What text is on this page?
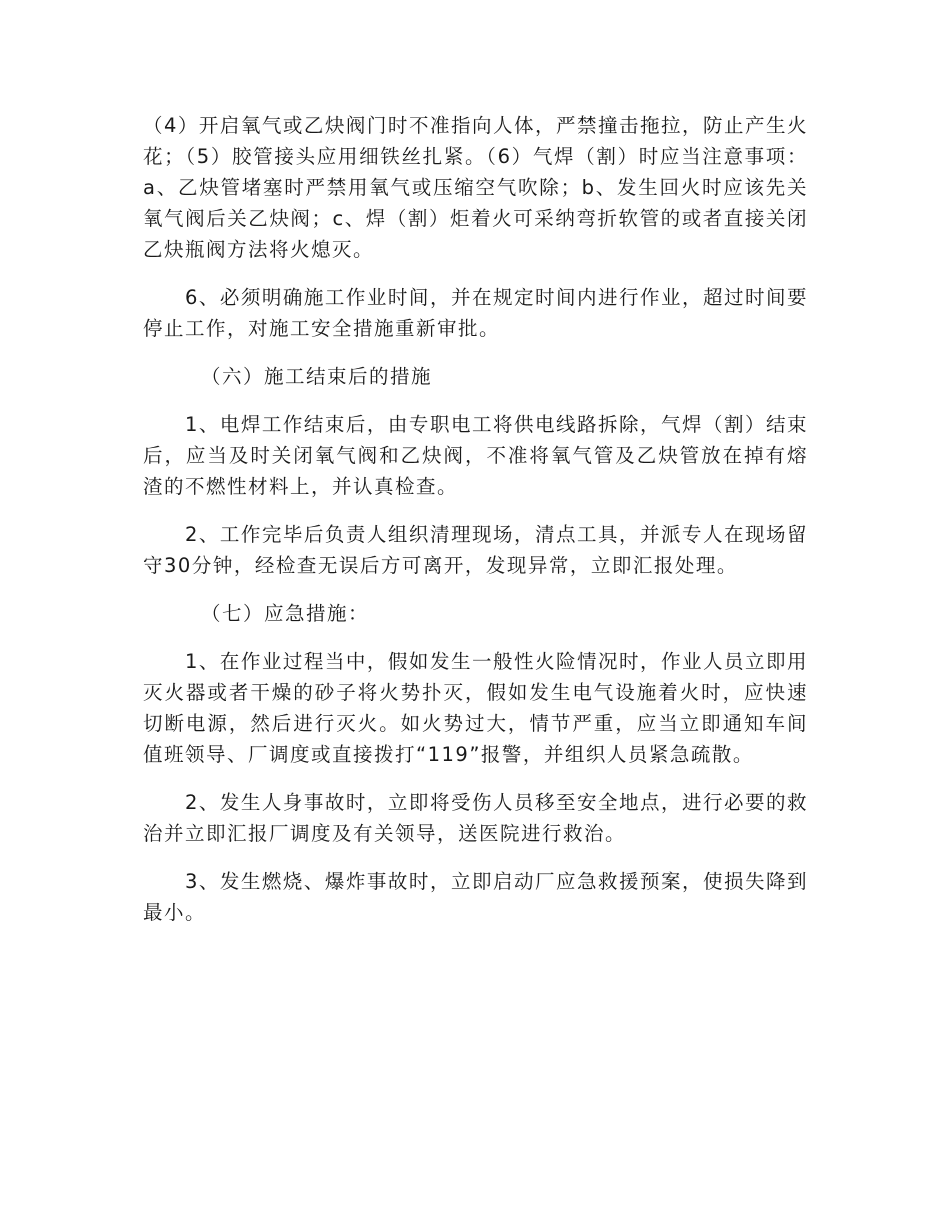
（4）开启氧气或乙炔阀门时不准指向人体，严禁撞击拖拉，防止产生火花；（5）胶管接头应用细铁丝扎紧。（6）气焊（割）时应当注意事项：a、乙炔管堵塞时严禁用氧气或压缩空气吹除；b、发生回火时应该先关氧气阀后关乙炔阀；c、焊（割）炬着火可采纳弯折软管的或者直接关闭乙炔瓶阀方法将火熄灭。

6、必须明确施工作业时间，并在规定时间内进行作业，超过时间要停止工作，对施工安全措施重新审批。

（六）施工结束后的措施

1、电焊工作结束后，由专职电工将供电线路拆除，气焊（割）结束后，应当及时关闭氧气阀和乙炔阀，不准将氧气管及乙炔管放在掉有熔渣的不燃性材料上，并认真检查。

2、工作完毕后负责人组织清理现场，清点工具，并派专人在现场留守30分钟，经检查无误后方可离开，发现异常，立即汇报处理。

（七）应急措施：

1、在作业过程当中，假如发生一般性火险情况时，作业人员立即用灭火器或者干燥的砂子将火势扑灭，假如发生电气设施着火时，应快速切断电源，然后进行灭火。如火势过大，情节严重，应当立即通知车间值班领导、厂调度或直接拨打“119”报警，并组织人员紧急疏散。

2、发生人身事故时，立即将受伤人员移至安全地点，进行必要的救治并立即汇报厂调度及有关领导，送医院进行救治。

3、发生燃烧、爆炸事故时，立即启动厂应急救援预案，使损失降到最小。
